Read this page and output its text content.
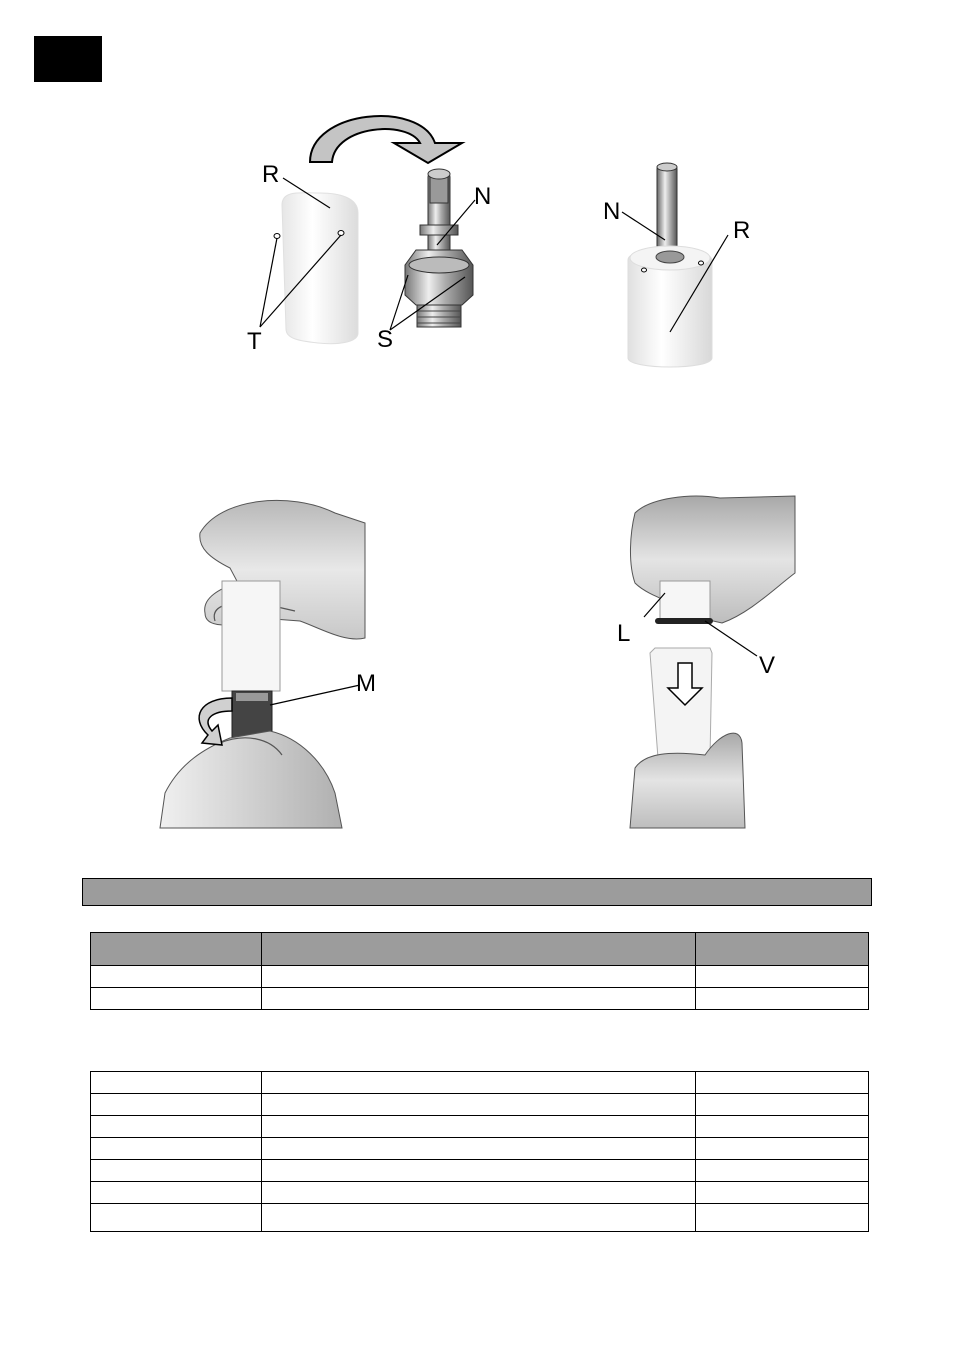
R
N
T	S
N
R
M
L
V
